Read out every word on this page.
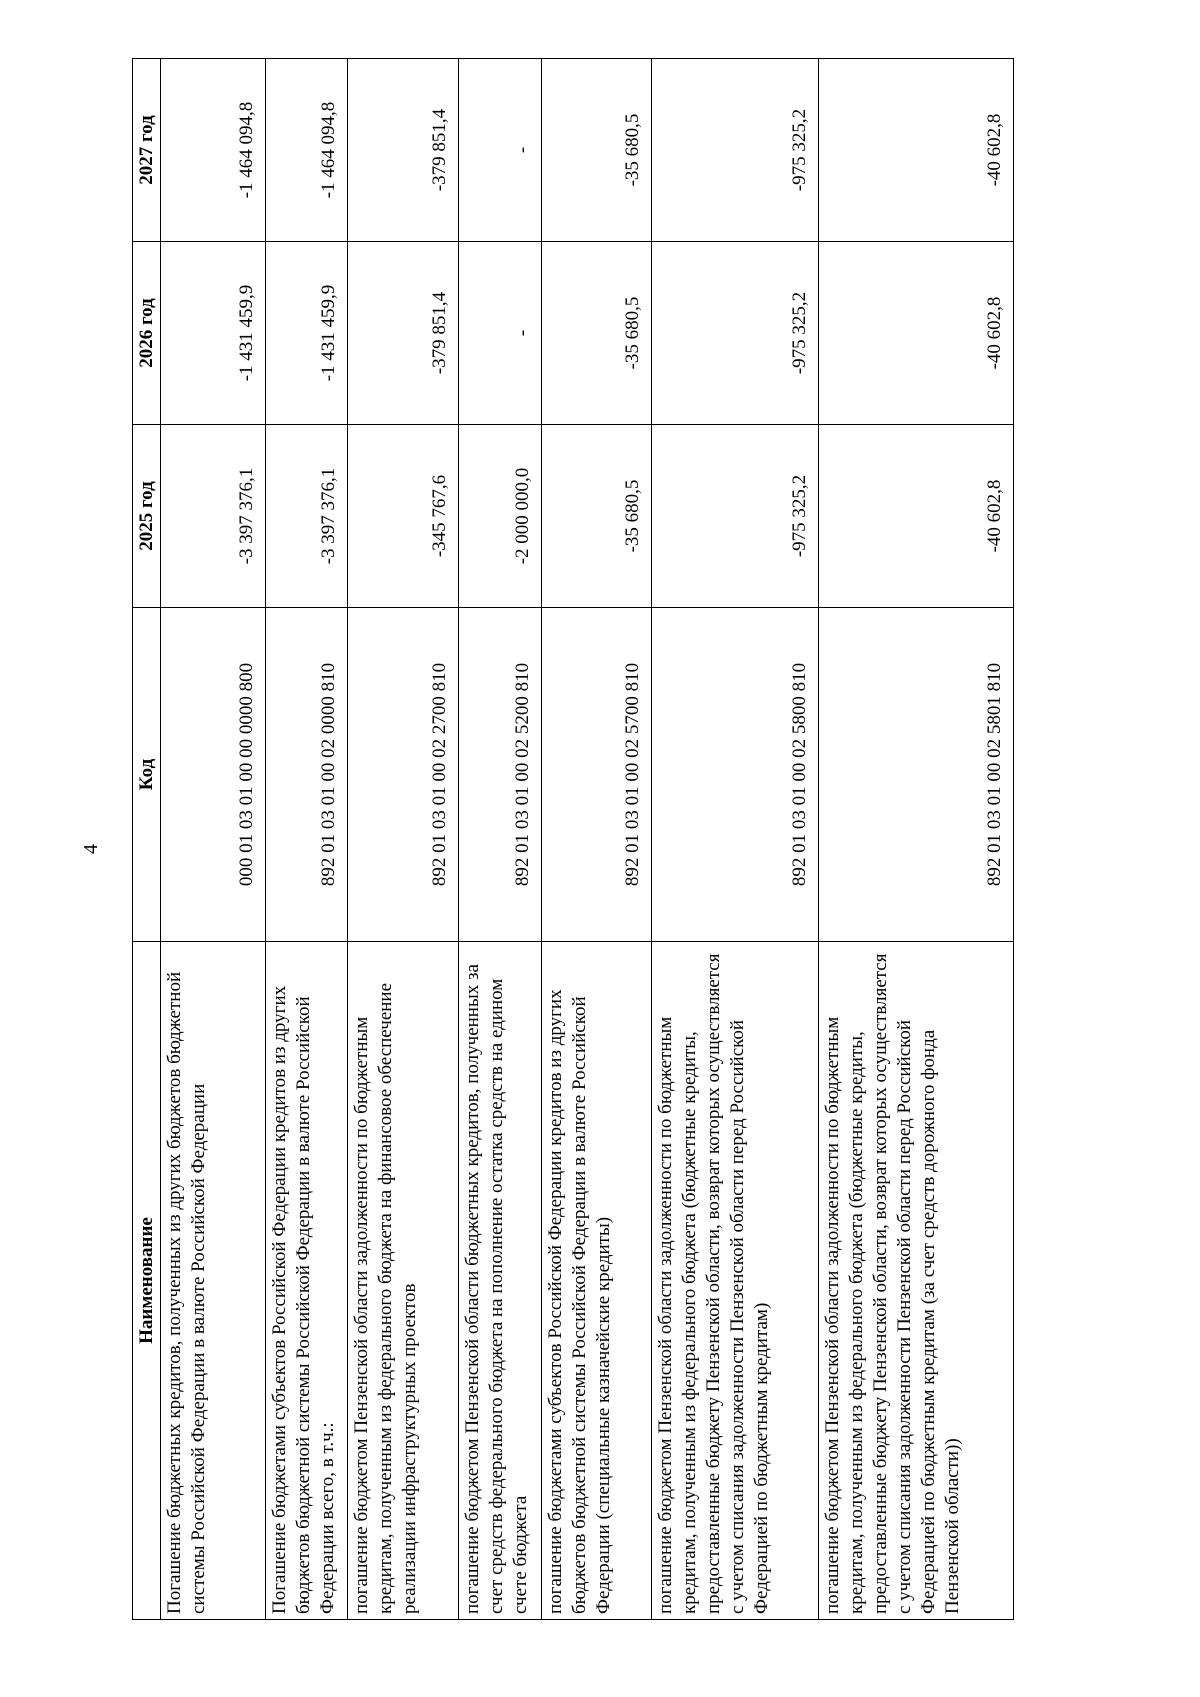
4
Наименование	Код	2025 год	2026 год	2027 год
Погашение бюджетных кредитов, полученных из других бюджетов бюджетной системы Российской Федерации в валюте Российской Федерации	000 01 03 01 00 00 0000 800	-3 397 376,1	-1 431 459,9	-1 464 094,8
Погашение бюджетами субъектов Российской Федерации кредитов из других бюджетов бюджетной системы Российской Федерации в валюте Российской Федерации всего, в т.ч.:	892 01 03 01 00 02 0000 810	-3 397 376,1	-1 431 459,9	-1 464 094,8
погашение бюджетом Пензенской области задолженности по бюджетным кредитам, полученным из федерального бюджета на финансовое обеспечение реализации инфраструктурных проектов	892 01 03 01 00 02 2700 810	-345 767,6	-379 851,4	-379 851,4
погашение бюджетом Пензенской области бюджетных кредитов, полученных за счет средств федерального бюджета на пополнение остатка средств на едином счете бюджета	892 01 03 01 00 02 5200 810	-2 000 000,0	-	-
погашение бюджетами субъектов Российской Федерации кредитов из других бюджетов бюджетной системы Российской Федерации в валюте Российской Федерации (специальные казначейские кредиты)	892 01 03 01 00 02 5700 810	-35 680,5	-35 680,5	-35 680,5
погашение бюджетом Пензенской области задолженности по бюджетным кредитам, полученным из федерального бюджета (бюджетные кредиты, предоставленные бюджету Пензенской области, возврат которых осуществляется с учетом списания задолженности Пензенской области перед Российской Федерацией по бюджетным кредитам)	892 01 03 01 00 02 5800 810	-975 325,2	-975 325,2	-975 325,2
погашение бюджетом Пензенской области задолженности по бюджетным кредитам, полученным из федерального бюджета (бюджетные кредиты, предоставленные бюджету Пензенской области, возврат которых осуществляется с учетом списания задолженности Пензенской области перед Российской Федерацией по бюджетным кредитам (за счет средств дорожного фонда Пензенской области))	892 01 03 01 00 02 5801 810	-40 602,8	-40 602,8	-40 602,8
